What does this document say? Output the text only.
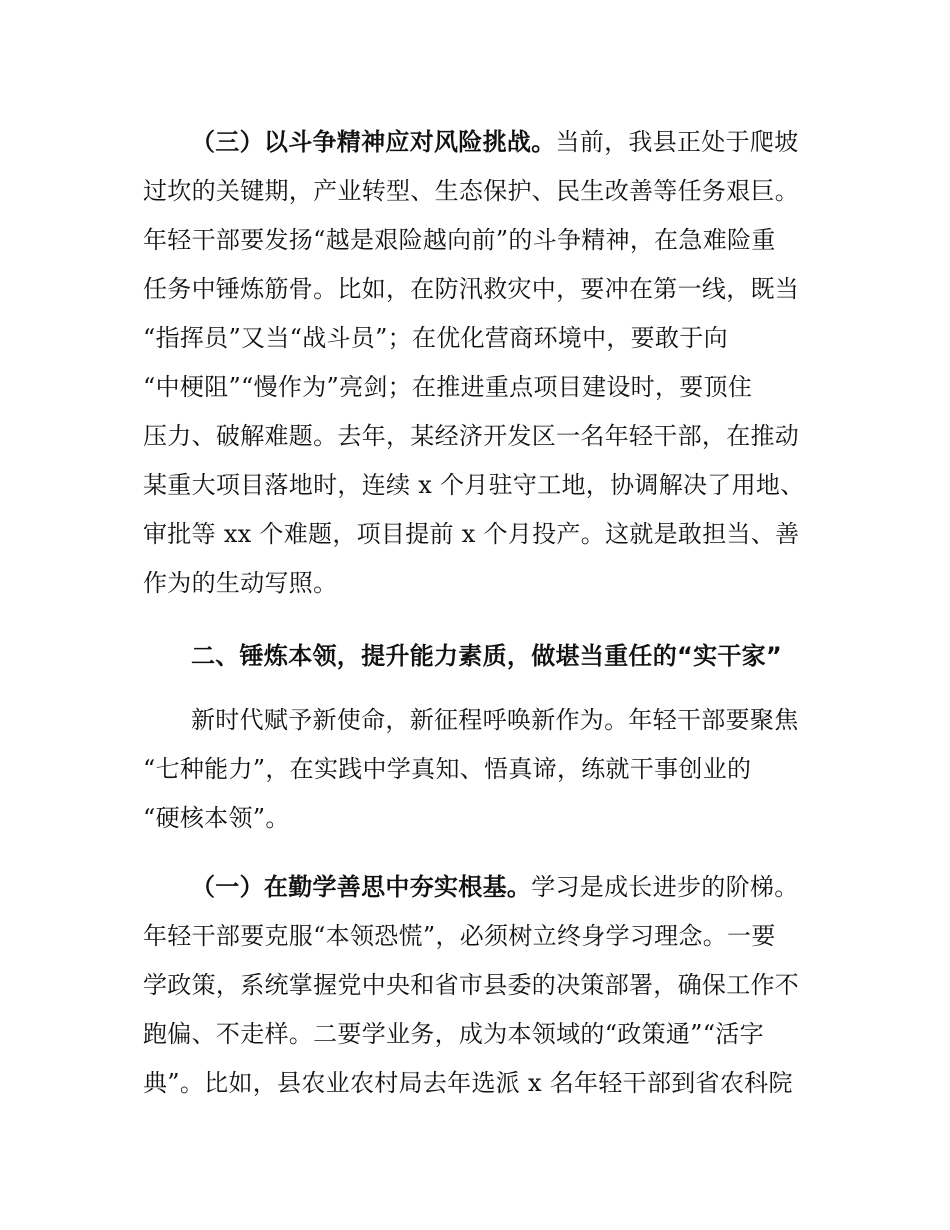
（三）以斗争精神应对风险挑战。当前，我县正处于爬坡
过坎的关键期，产业转型、生态保护、民生改善等任务艰巨。
年轻干部要发扬“越是艰险越向前”的斗争精神，在急难险重
任务中锤炼筋骨。比如，在防汛救灾中，要冲在第一线，既当
“指挥员”又当“战斗员”；在优化营商环境中，要敢于向
“中梗阻”“慢作为”亮剑；在推进重点项目建设时，要顶住
压力、破解难题。去年，某经济开发区一名年轻干部，在推动
某重大项目落地时，连续 x 个月驻守工地，协调解决了用地、
审批等 xx 个难题，项目提前 x 个月投产。这就是敢担当、善
作为的生动写照。
二、锤炼本领，提升能力素质，做堪当重任的“实干家”
新时代赋予新使命，新征程呼唤新作为。年轻干部要聚焦
“七种能力”，在实践中学真知、悟真谛，练就干事创业的
“硬核本领”。
（一）在勤学善思中夯实根基。学习是成长进步的阶梯。
年轻干部要克服“本领恐慌”，必须树立终身学习理念。一要
学政策，系统掌握党中央和省市县委的决策部署，确保工作不
跑偏、不走样。二要学业务，成为本领域的“政策通”“活字
典”。比如，县农业农村局去年选派 x 名年轻干部到省农科院
